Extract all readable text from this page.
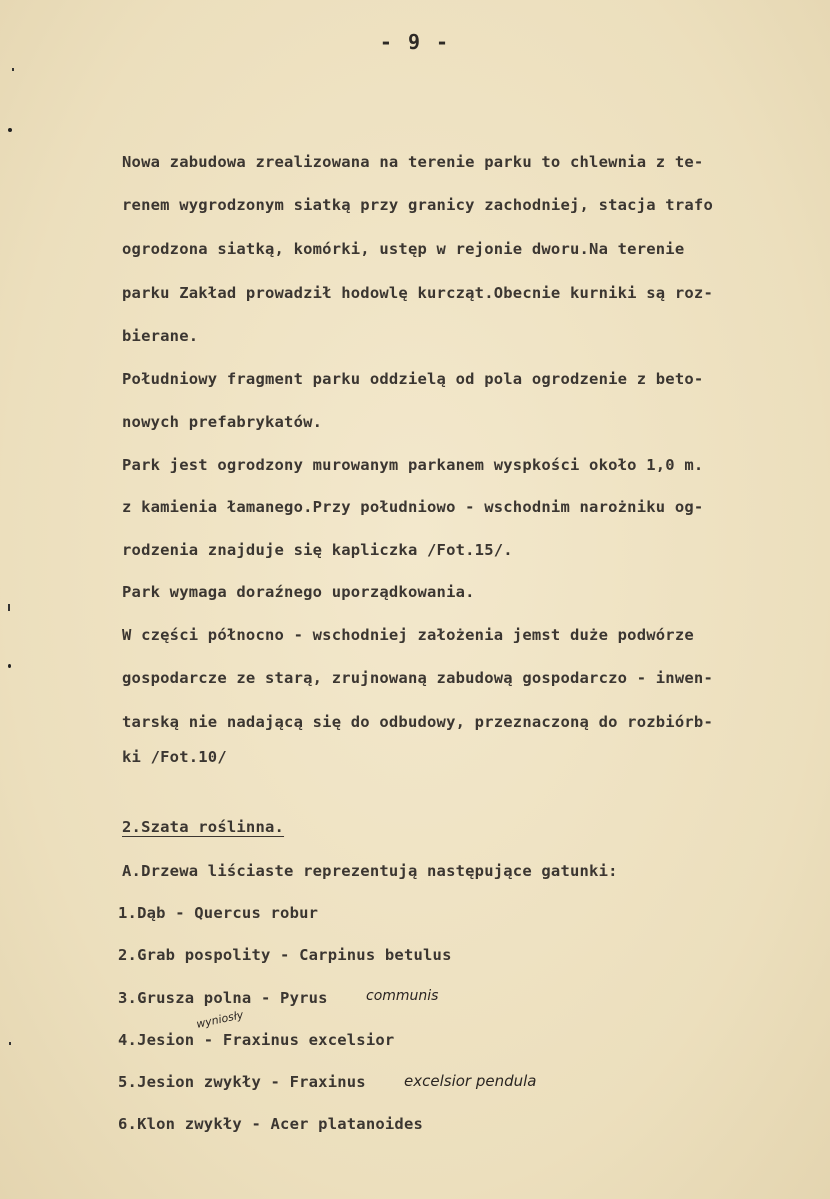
- 9 -
Nowa zabudowa zrealizowana na terenie parku to chlewnia z te-
renem wygrodzonym siatką przy granicy zachodniej, stacja trafo
ogrodzona siatką, komórki, ustęp w rejonie dworu.Na terenie
parku Zakład prowadził hodowlę kurcząt.Obecnie kurniki są roz-
bierane.
Południowy fragment parku oddzielą od pola ogrodzenie z beto-
nowych prefabrykatów.
Park jest ogrodzony murowanym parkanem wyspkości około 1,0 m.
z kamienia łamanego.Przy południowo - wschodnim narożniku og-
rodzenia znajduje się kapliczka /Fot.15/.
Park wymaga doraźnego uporządkowania.
W części północno - wschodniej założenia jemst duże podwórze
gospodarcze ze starą, zrujnowaną zabudową gospodarczo - inwen-
tarską nie nadającą się do odbudowy, przeznaczoną do rozbiórb-
ki /Fot.10/
2.Szata roślinna.
A.Drzewa liściaste reprezentują następujące gatunki:
1.Dąb - Quercus robur
2.Grab pospolity - Carpinus betulus
3.Grusza polna - Pyrus	communis
4.Jesion - Fraxinus excelsior
wyniosły
5.Jesion zwykły - Fraxinus	excelsior pendula
6.Klon zwykły - Acer platanoides
